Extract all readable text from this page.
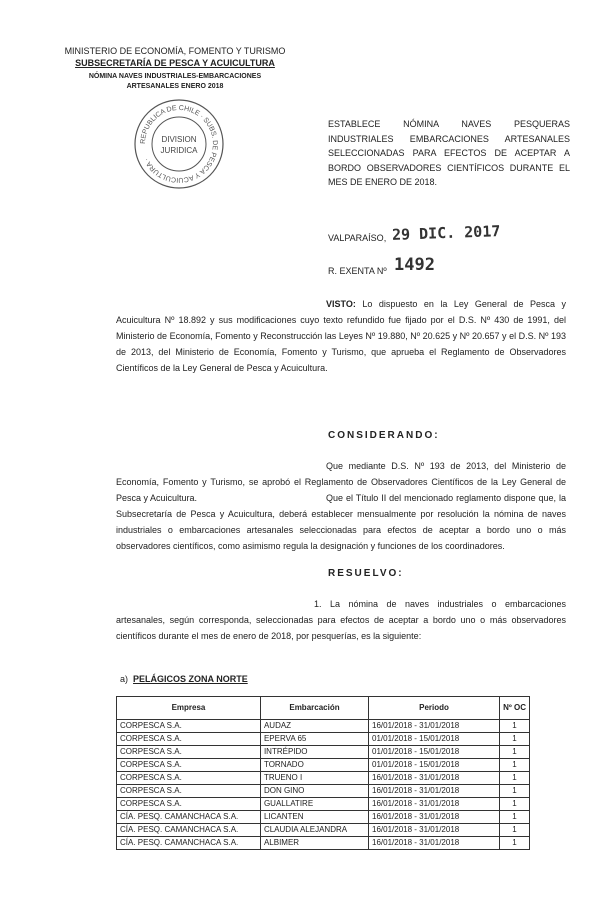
MINISTERIO DE ECONOMÍA, FOMENTO Y TURISMO
SUBSECRETARÍA DE PESCA Y ACUICULTURA
NÓMINA NAVES INDUSTRIALES-EMBARCACIONES
ARTESANALES ENERO 2018
REPUBLICA DE CHILE · SUBS. DE PESCA Y ACUICULTURA ·
DIVISION
JURIDICA
ESTABLECE NÓMINA NAVES PESQUERAS INDUSTRIALES EMBARCACIONES ARTESANALES SELECCIONADAS PARA EFECTOS DE ACEPTAR A BORDO OBSERVADORES CIENTÍFICOS DURANTE EL MES DE ENERO DE 2018.
VALPARAÍSO, 29 DIC. 2017
R. EXENTA Nº 1492
VISTO: Lo dispuesto en la Ley General de Pesca y Acuicultura Nº 18.892 y sus modificaciones cuyo texto refundido fue fijado por el D.S. Nº 430 de 1991, del Ministerio de Economía, Fomento y Reconstrucción las Leyes Nº 19.880, Nº 20.625 y Nº 20.657 y el D.S. Nº 193 de 2013, del Ministerio de Economía, Fomento y Turismo, que aprueba el Reglamento de Observadores Científicos de la Ley General de Pesca y Acuicultura.
CONSIDERANDO:
Que mediante D.S. Nº 193 de 2013, del Ministerio de Economía, Fomento y Turismo, se aprobó el Reglamento de Observadores Científicos de la Ley General de Pesca y Acuicultura.	Que el Título II del mencionado reglamento dispone que, la Subsecretaría de Pesca y Acuicultura, deberá establecer mensualmente por resolución la nómina de naves industriales o embarcaciones artesanales seleccionadas para efectos de aceptar a bordo uno o más observadores científicos, como asimismo regula la designación y funciones de los coordinadores.
RESUELVO:
1. La nómina de naves industriales o embarcaciones artesanales, según corresponda, seleccionadas para efectos de aceptar a bordo uno o más observadores científicos durante el mes de enero de 2018, por pesquerías, es la siguiente:
a) PELÁGICOS ZONA NORTE
Empresa	Embarcación	Periodo	Nº OC
CORPESCA S.A.	AUDAZ	16/01/2018 - 31/01/2018	1
CORPESCA S.A.	EPERVA 65	01/01/2018 - 15/01/2018	1
CORPESCA S.A.	INTRÉPIDO	01/01/2018 - 15/01/2018	1
CORPESCA S.A.	TORNADO	01/01/2018 - 15/01/2018	1
CORPESCA S.A.	TRUENO I	16/01/2018 - 31/01/2018	1
CORPESCA S.A.	DON GINO	16/01/2018 - 31/01/2018	1
CORPESCA S.A.	GUALLATIRE	16/01/2018 - 31/01/2018	1
CÍA. PESQ. CAMANCHACA S.A.	LICANTEN	16/01/2018 - 31/01/2018	1
CÍA. PESQ. CAMANCHACA S.A.	CLAUDIA ALEJANDRA	16/01/2018 - 31/01/2018	1
CÍA. PESQ. CAMANCHACA S.A.	ALBIMER	16/01/2018 - 31/01/2018	1
